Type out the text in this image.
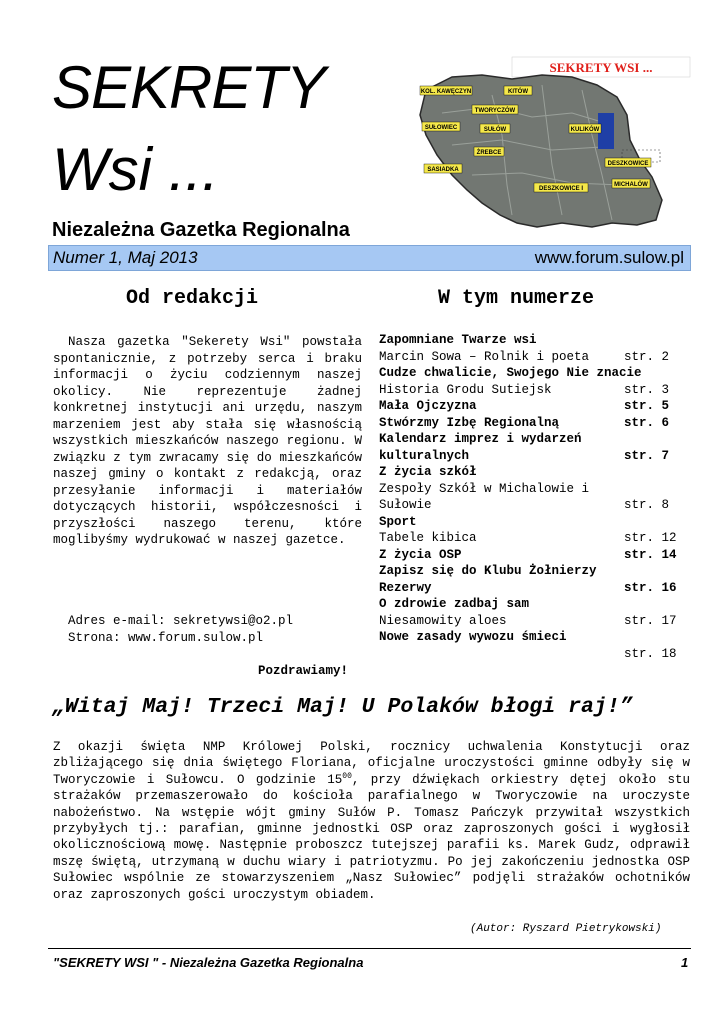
SEKRETY
Wsi ...
Niezależna Gazetka Regionalna
Numer 1, Maj 2013	www.forum.sulow.pl
SEKRETY WSI ...
KOL. KAWĘCZYN	KITÓW
TWORYCZÓW
SUŁOWIEC	SUŁÓW	KULIKÓW
ŻREBCE
DESZKOWICE
SASIADKA
MICHALÓW
DESZKOWICE I
Od redakcji	W tym numerze

Nasza gazetka "Sekerety Wsi" powstała spontanicznie, z potrzeby serca i braku informacji o życiu codziennym naszej okolicy. Nie reprezentuje żadnej konkretnej instytucji ani urzędu, naszym marzeniem jest aby stała się własnością wszystkich mieszkańców naszego regionu. W związku z tym zwracamy się do mieszkańców naszej gminy o kontakt z redakcją, oraz przesyłanie informacji i materiałów dotyczących historii, współczesności i przyszłości naszego terenu, które moglibyśmy wydrukować w naszej gazetce.

Adres e-mail: sekretywsi@o2.pl
Strona: www.forum.sulow.pl
Pozdrawiamy!
Zapomniane Twarze wsi
Marcin Sowa – Rolnik i poeta	str. 2
Cudze chwalicie, Swojego Nie znacie
Historia Grodu Sutiejsk	str. 3
Mała Ojczyzna	str. 5
Stwórzmy Izbę Regionalną	str. 6
Kalendarz imprez i wydarzeń
kulturalnych	str. 7
Z życia szkół
Zespoły Szkół w Michalowie i
Sułowie	str. 8
Sport
Tabele kibica	str. 12
Z życia OSP	str. 14
Zapisz się do Klubu Żołnierzy
Rezerwy	str. 16
O zdrowie zadbaj sam
Niesamowity aloes	str. 17
Nowe zasady wywozu śmieci
str. 18
„Witaj Maj! Trzeci Maj! U Polaków błogi raj!”

Z okazji święta NMP Królowej Polski, rocznicy uchwalenia Konstytucji oraz zbliżającego się dnia świętego Floriana, oficjalne uroczystości gminne odbyły się w Tworyczowie i Sułowcu. O godzinie $15^{00}$, przy dźwiękach orkiestry dętej około stu strażaków przemaszerowało do kościoła parafialnego w Tworyczowie na uroczyste nabożeństwo. Na wstępie wójt gminy Sułów P. Tomasz Pańczyk przywitał wszystkich przybyłych tj.: parafian, gminne jednostki OSP oraz zaproszonych gości i wygłosił okolicznościową mowę. Następnie proboszcz tutejszej parafii ks. Marek Gudz, odprawił mszę świętą, utrzymaną w duchu wiary i patriotyzmu. Po jej zakończeniu jednostka OSP Sułowiec wspólnie ze stowarzyszeniem „Nasz Sułowiec” podjęli strażaków ochotników oraz zaproszonych gości uroczystym obiadem.

(Autor: Ryszard Pietrykowski)
"SEKRETY WSI " - Niezależna Gazetka Regionalna	1
